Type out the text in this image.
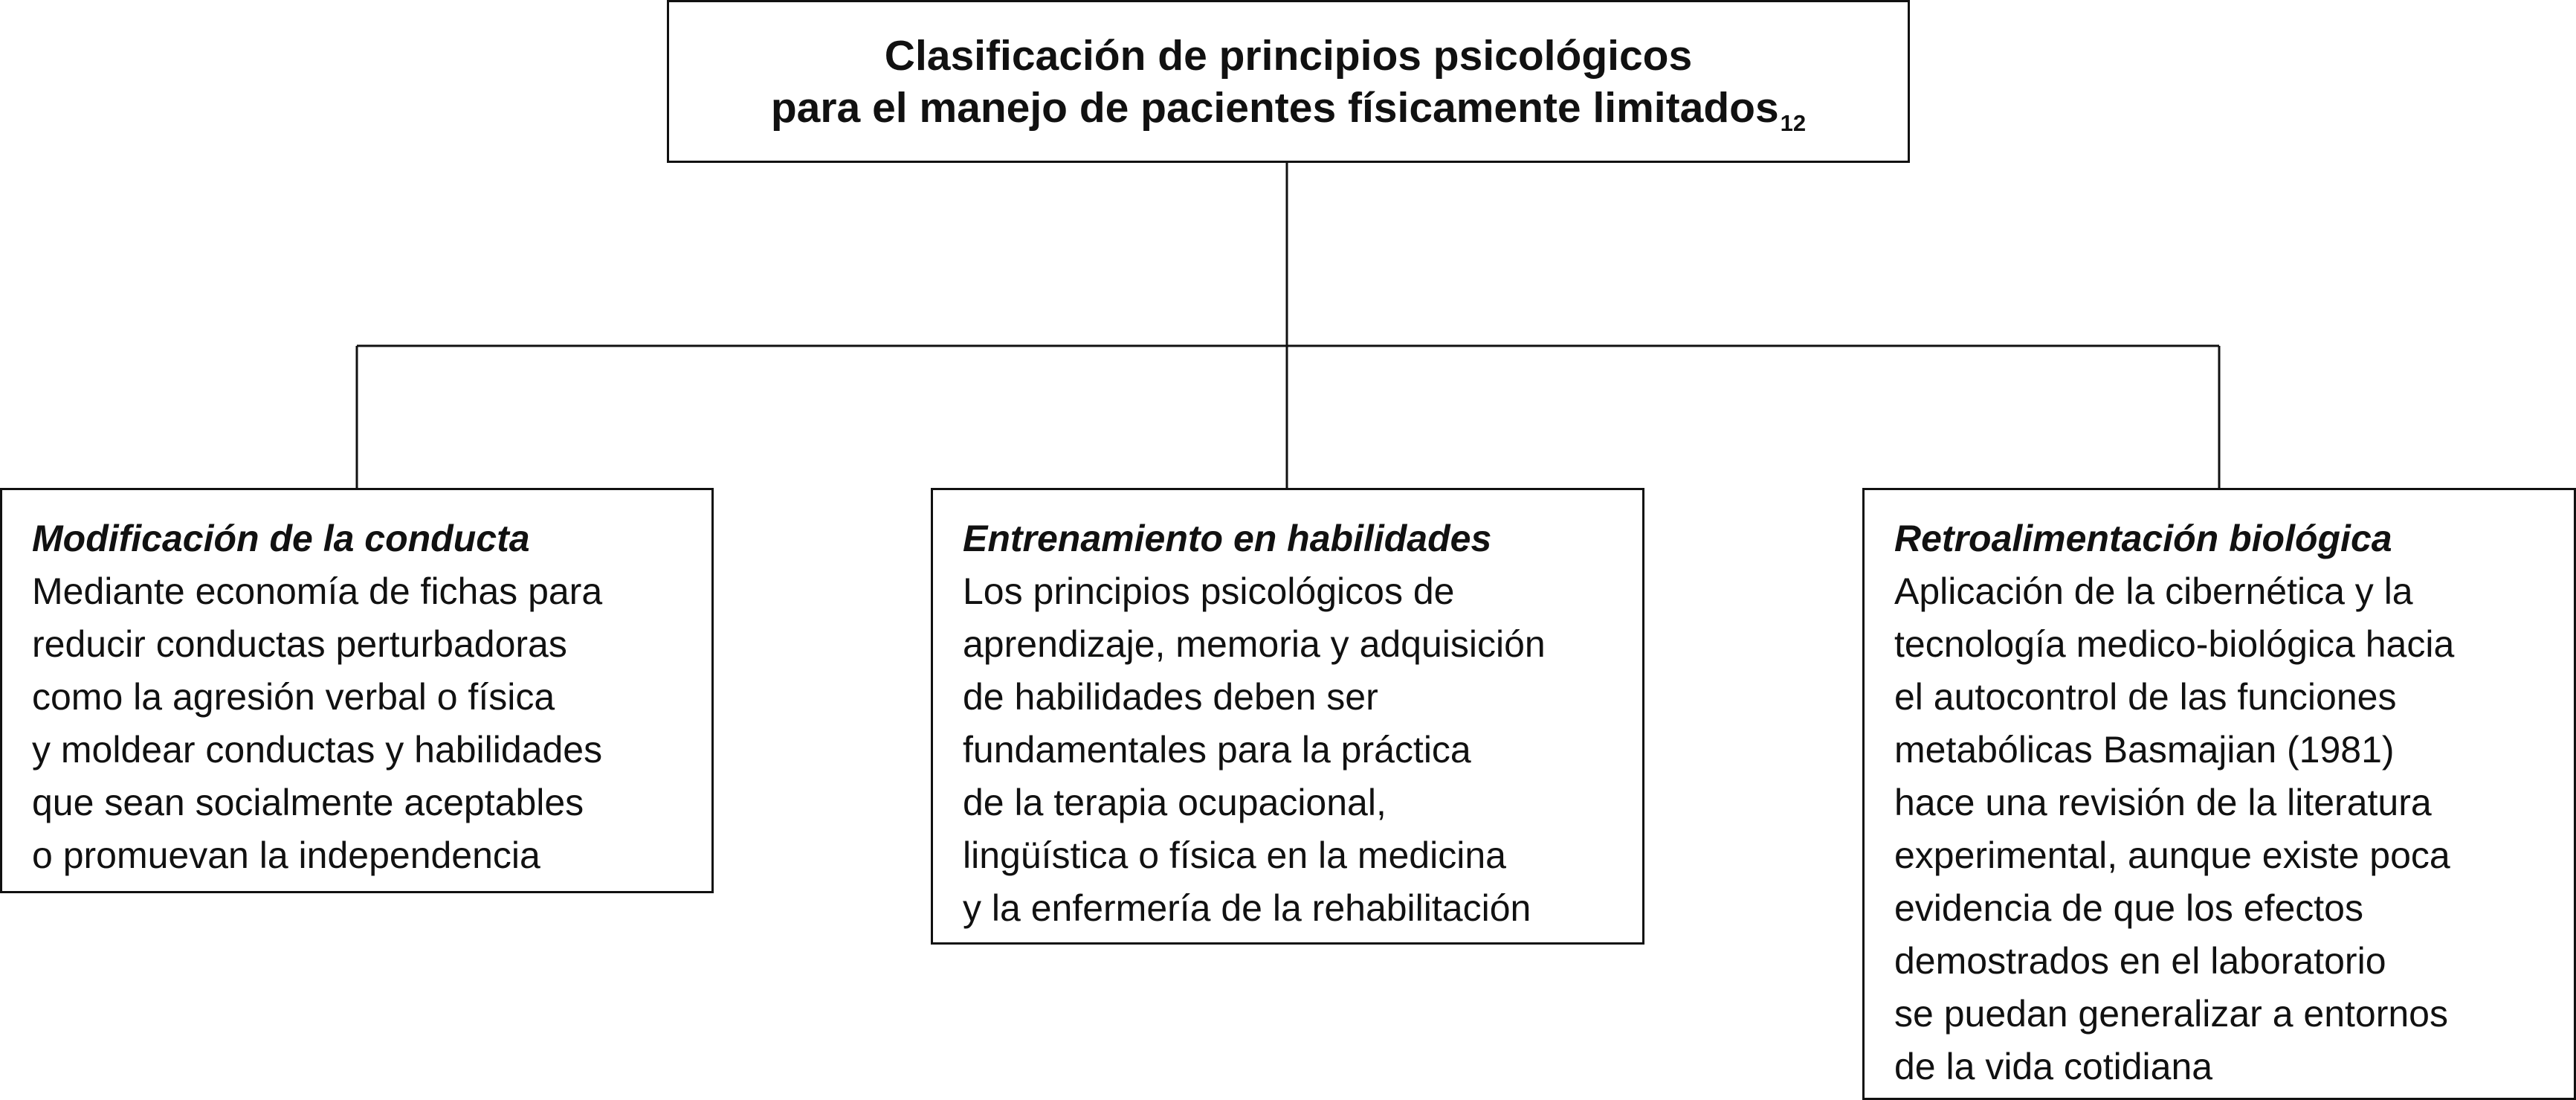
Clasificación de principios psicológicos
para el manejo de pacientes físicamente limitados$_{12}$
Modificación de la conducta
Mediante economía de fichas para
reducir conductas perturbadoras
como la agresión verbal o física
y moldear conductas y habilidades
que sean socialmente aceptables
o promuevan la independencia
Entrenamiento en habilidades
Los principios psicológicos de
aprendizaje, memoria y adquisición
de habilidades deben ser
fundamentales para la práctica
de la terapia ocupacional,
lingüística o física en la medicina
y la enfermería de la rehabilitación
Retroalimentación biológica
Aplicación de la cibernética y la
tecnología medico-biológica hacia
el autocontrol de las funciones
metabólicas Basmajian (1981)
hace una revisión de la literatura
experimental, aunque existe poca
evidencia de que los efectos
demostrados en el laboratorio
se puedan generalizar a entornos
de la vida cotidiana
